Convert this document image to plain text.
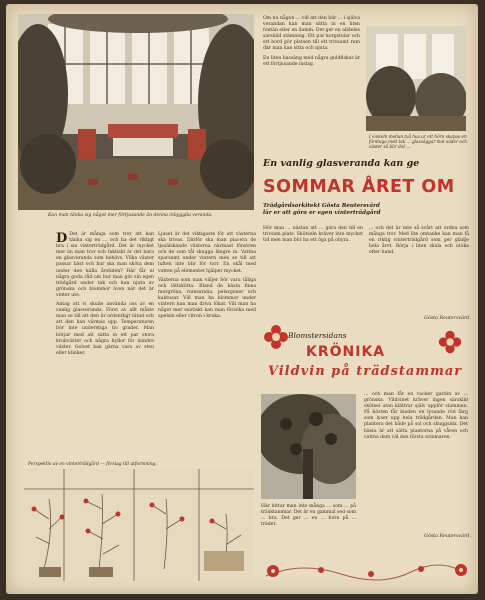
Kan man tänka sig något mer förtjusande än denna inbyggda veranda.
I vinkeln mellan två hus ur ett hörn skapas en förstuga med tak ... glasväggar mot söder och väster så blir det ...

Om nu någon ... vill att den blir ... i själva verandan kan man sätta in en liten fontän eller en damm. Det ger en alldeles särskild stämning. Ett par korgstolar och ett bord gör platsen till ett trivsamt rum där man kan sitta och njuta.

En liten bassäng med några guldfiskar är ett förtjusande inslag.

En vanlig glasveranda kan ge
SOMMAR ÅRET OM
Trädgårdsarkitekt Gösta Reutersvärd
lär er att göra er egen vinterträdgård

D Det är många som tror att kan tänka sig en ... och ha det riktigt bra i sin vinterträdgård. Det är mycket mer än man tror och faktiskt är det bara en glasveranda som behövs. Vilka växter passar bäst och hur ska man sköta dem under den kalla årstiden? Här får ni några goda råd om hur man gör sin egen trädgård under tak och kan njuta av grönska och blommor även när det är vinter ute.

Antag att vi skulle använda oss av en vanlig glasveranda. Först av allt måste man se till att den är ordentligt tätad och att den kan värmas upp. Temperaturen bör inte understiga tio grader. Man börjar med att sätta in ett par stora krukväxter och några hyllor för mindre växter. Golvet kan gärna vara av sten eller klinker.

Ljuset är det viktigaste för att växterna ska trivas. Därför ska man placera de ljusälskande växterna närmast fönstren och de som tål skugga längre in. Vattna sparsamt under vintern men se till att luften inte blir för torr. En skål med vatten på elementet hjälper mycket.

Växterna som man väljer bör vara tåliga och lättskötta. Bland de bästa finns murgröna, rumsaralia, pelargoner och kaktusar. Vill man ha blommor under vintern kan man driva lökar. Vill man ha något mer exotiskt kan man försöka med apelsin eller citron i kruka.

Hör man ... nästan att ... göra den till en trivsam plats. Skötseln kräver inte mycket tid men man bör ha ett öga på ohyra.

... och det är inte så svårt att ordna som många tror. Med lite omtanke kan man få en riktig vinterträdgård som ger glädje hela året. Börja i liten skala och utöka efter hand.

Gösta Reutersvärd.
Perspektiv av en vinterträdgård — förslag till utformning.
Blomstersidans
KRÖNIKA
Vildvin på trädstammar

Här hittar man inte många ... som ... på trädstammar. Det är en gammal sed som ... bra. Det ger ... en ... form på ... trädet.

... och man får en vacker gardin av ... grönska. Vildvinet kräver ingen särskild skötsel utan klättrar själv uppför stammen. På hösten får bladen en lysande röd färg som lyser upp hela trädgården. Man kan plantera det både på sol och skuggsida. Det bästa är att sätta plantorna på våren och vattna dem väl den första sommaren.

Gösta Reutersvärd.
